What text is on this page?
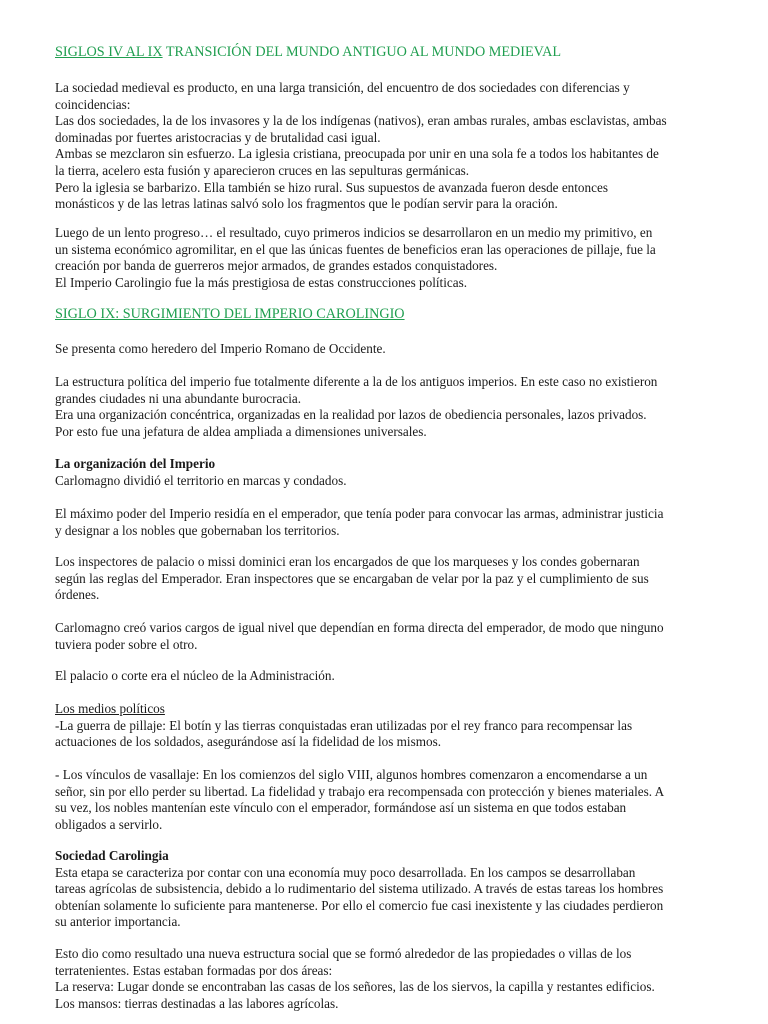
SIGLOS IV AL IX TRANSICIÓN DEL MUNDO ANTIGUO AL MUNDO MEDIEVAL
La sociedad medieval es producto, en una larga transición, del encuentro de dos sociedades con diferencias y
coincidencias:
Las dos sociedades, la de los invasores y la de los indígenas (nativos), eran ambas rurales, ambas esclavistas, ambas
dominadas por fuertes aristocracias y de brutalidad casi igual.
Ambas se mezclaron sin esfuerzo. La iglesia cristiana, preocupada por unir en una sola fe a todos los habitantes de
la tierra, acelero esta fusión y aparecieron cruces en las sepulturas germánicas.
Pero la iglesia se barbarizo. Ella también se hizo rural. Sus supuestos de avanzada fueron desde entonces
monásticos y de las letras latinas salvó solo los fragmentos que le podían servir para la oración.
Luego de un lento progreso… el resultado, cuyo primeros indicios se desarrollaron en un medio my primitivo, en
un sistema económico agromilitar, en el que las únicas fuentes de beneficios eran las operaciones de pillaje, fue la
creación por banda de guerreros mejor armados, de grandes estados conquistadores.
El Imperio Carolingio fue la más prestigiosa de estas construcciones políticas.
SIGLO IX: SURGIMIENTO DEL IMPERIO CAROLINGIO
Se presenta como heredero del Imperio Romano de Occidente.
La estructura política del imperio fue totalmente diferente a la de los antiguos imperios. En este caso no existieron
grandes ciudades ni una abundante burocracia.
Era una organización concéntrica, organizadas en la realidad por lazos de obediencia personales, lazos privados.
Por esto fue una jefatura de aldea ampliada a dimensiones universales.
La organización del Imperio
Carlomagno dividió el territorio en marcas y condados.
El máximo poder del Imperio residía en el emperador, que tenía poder para convocar las armas, administrar justicia
y designar a los nobles que gobernaban los territorios.
Los inspectores de palacio o missi dominici eran los encargados de que los marqueses y los condes gobernaran
según las reglas del Emperador. Eran inspectores que se encargaban de velar por la paz y el cumplimiento de sus
órdenes.
Carlomagno creó varios cargos de igual nivel que dependían en forma directa del emperador, de modo que ninguno
tuviera poder sobre el otro.
El palacio o corte era el núcleo de la Administración.
Los medios políticos
-La guerra de pillaje: El botín y las tierras conquistadas eran utilizadas por el rey franco para recompensar las
actuaciones de los soldados, asegurándose así la fidelidad de los mismos.
- Los vínculos de vasallaje: En los comienzos del siglo VIII, algunos hombres comenzaron a encomendarse a un
señor, sin por ello perder su libertad. La fidelidad y trabajo era recompensada con protección y bienes materiales. A
su vez, los nobles mantenían este vínculo con el emperador, formándose así un sistema en que todos estaban
obligados a servirlo.
Sociedad Carolingia
Esta etapa se caracteriza por contar con una economía muy poco desarrollada. En los campos se desarrollaban
tareas agrícolas de subsistencia, debido a lo rudimentario del sistema utilizado. A través de estas tareas los hombres
obtenían solamente lo suficiente para mantenerse. Por ello el comercio fue casi inexistente y las ciudades perdieron
su anterior importancia.
Esto dio como resultado una nueva estructura social que se formó alrededor de las propiedades o villas de los
terratenientes. Estas estaban formadas por dos áreas:
La reserva: Lugar donde se encontraban las casas de los señores, las de los siervos, la capilla y restantes edificios.
Los mansos: tierras destinadas a las labores agrícolas.
